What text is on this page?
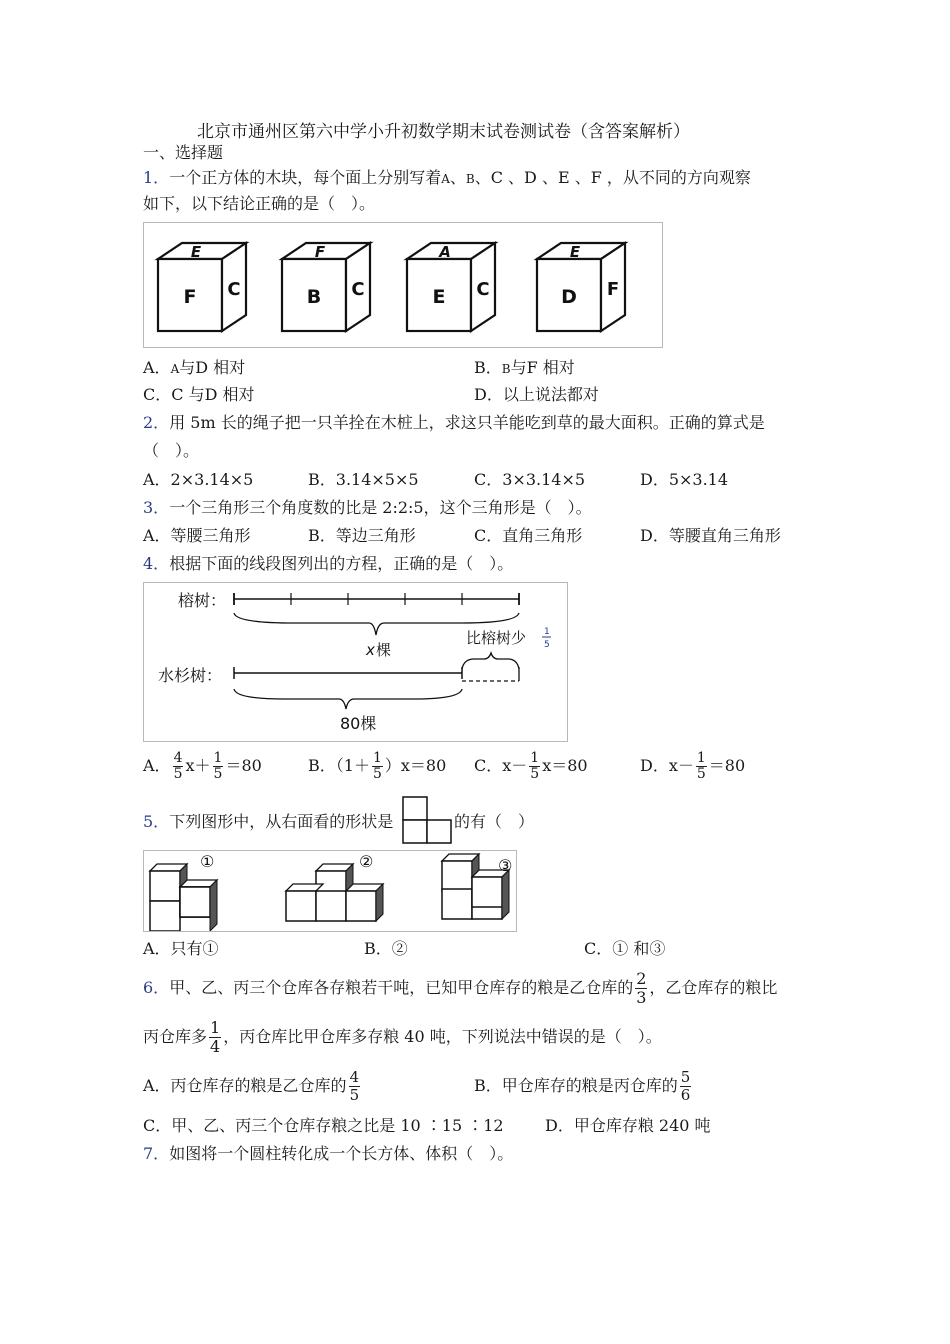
北京市通州区第六中学小升初数学期末试卷测试卷（含答案解析）
一、选择题
1．一个正方体的木块，每个面上分别写着A、B、C 、D 、E 、F ，从不同的方向观察
如下，以下结论正确的是（　）。
E
F C
F
B C
A
E C
E
D F
A．A与D 相对	B．B与F 相对
C．C 与D 相对	D．以上说法都对
2．用 5m 长的绳子把一只羊拴在木桩上，求这只羊能吃到草的最大面积。正确的算式是
（　）。
A．2×3.14×5	B．3.14×5×5	C．3×3.14×5	D．5×3.14
3．一个三角形三个角度数的比是 2:2:5，这个三角形是（　）。
A．等腰三角形	B．等边三角形	C．直角三角形	D．等腰直角三角形
4．根据下面的线段图列出的方程，正确的是（　）。
榕树：
x 棵
比榕树少 1
5
水杉树：
80棵
A． $\frac{4}{5} x+ \frac{1}{5} =80$	B．$(1+ \frac{1}{5} )x=80$ C．$x- \frac{1}{5} x=80$	D．$x- \frac{1}{5} =80$
5．下列图形中，从右面看的形状是	的有（　）
①	②	③
A．只有①	B．②	C．① 和③
6．甲、乙、丙三个仓库各存粮若干吨，已知甲仓库存的粮是乙仓库的 $\frac{2}{3}$ ，乙仓库存的粮比
丙仓库多 $\frac{1}{4}$ ，丙仓库比甲仓库多存粮 40 吨，下列说法中错误的是（　）。
A．丙仓库存的粮是乙仓库的 $\frac{4}{5}$	B．甲仓库存的粮是丙仓库的 $\frac{5}{6}$
C．甲、乙、丙三个仓库存粮之比是 10 ∶15 ∶12	D．甲仓库存粮 240 吨
7．如图将一个圆柱转化成一个长方体、体积（　）。
